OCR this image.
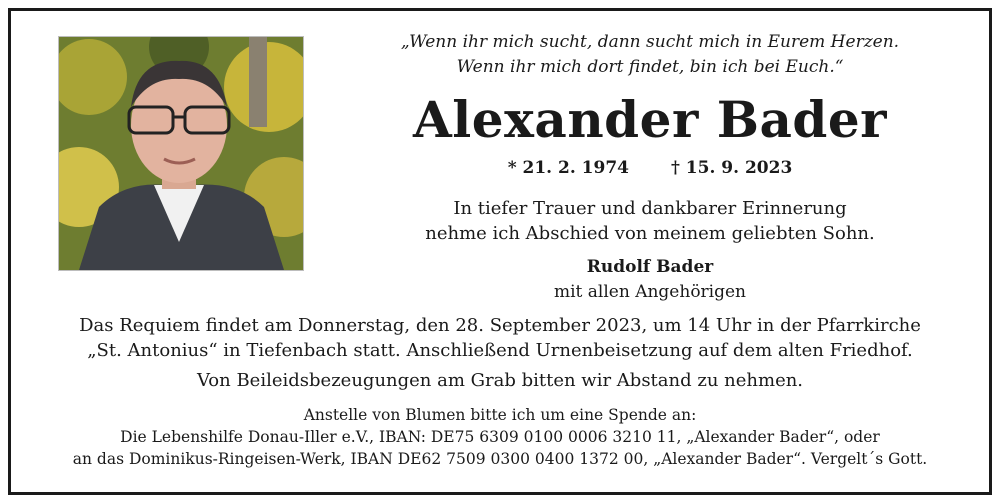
„Wenn ihr mich sucht, dann sucht mich in Eurem Herzen.
Wenn ihr mich dort findet, bin ich bei Euch.“
Alexander Bader
* 21. 2. 1974 † 15. 9. 2023
In tiefer Trauer und dankbarer Erinnerung
nehme ich Abschied von meinem geliebten Sohn.
Rudolf Bader
mit allen Angehörigen
Das Requiem findet am Donnerstag, den 28. September 2023, um 14 Uhr in der Pfarrkirche
„St. Antonius“ in Tiefenbach statt. Anschließend Urnenbeisetzung auf dem alten Friedhof.
Von Beileidsbezeugungen am Grab bitten wir Abstand zu nehmen.
Anstelle von Blumen bitte ich um eine Spende an:
Die Lebenshilfe Donau-Iller e.V., IBAN: DE75 6309 0100 0006 3210 11, „Alexander Bader“, oder
an das Dominikus-Ringeisen-Werk, IBAN DE62 7509 0300 0400 1372 00, „Alexander Bader“. Vergelt´s Gott.
